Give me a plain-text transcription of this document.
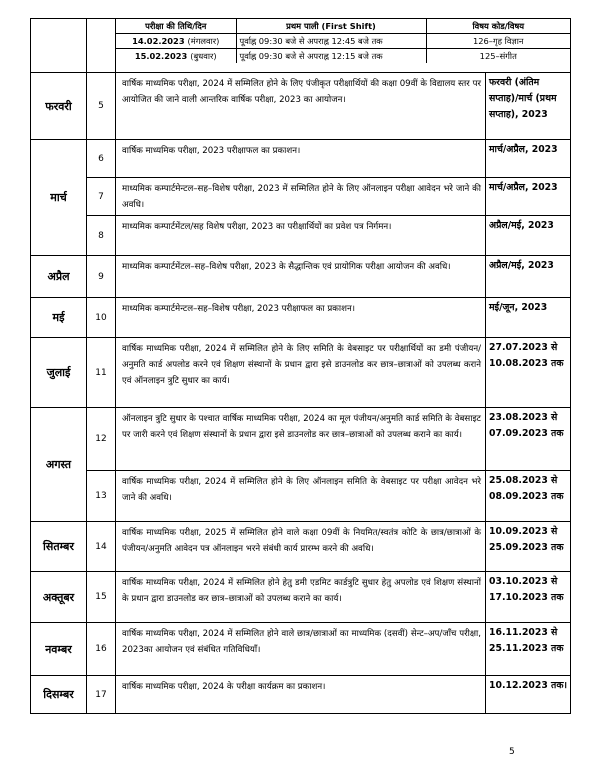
परीक्षा की तिथि/दिन	प्रथम पाली (First Shift)	विषय कोड/विषय
14.02.2023 (मंगलवार)	पूर्वाह्न 09:30 बजे से अपराह्न 12:45 बजे तक	126–गृह विज्ञान
15.02.2023 (बुधवार)	पूर्वाह्न 09:30 बजे से अपराह्न 12:15 बजे तक	125–संगीत

फरवरी	5	वार्षिक माध्यमिक परीक्षा, 2024 में सम्मिलित होने के लिए पंजीकृत परीक्षार्थियों की कक्षा 09वीं के विद्यालय स्तर पर आयोजित की जाने वाली आन्तरिक वार्षिक परीक्षा, 2023 का आयोजन।	फरवरी (अंतिम सप्ताह)/मार्च (प्रथम सप्ताह), 2023
मार्च	6	वार्षिक माध्यमिक परीक्षा, 2023 परीक्षाफल का प्रकाशन।	मार्च/अप्रैल, 2023
7	माध्यमिक कम्पार्टमेन्टल–सह–विशेष परीक्षा, 2023 में सम्मिलित होने के लिए ऑनलाइन परीक्षा आवेदन भरे जाने की अवधि।	मार्च/अप्रैल, 2023
8	माध्यमिक कम्पार्टमेंटल/सह विशेष परीक्षा, 2023 का परीक्षार्थियों का प्रवेश पत्र निर्गमन।	अप्रैल/मई, 2023
अप्रैल	9	माध्यमिक कम्पार्टमेंटल–सह–विशेष परीक्षा, 2023 के सैद्धान्तिक एवं प्रायोगिक परीक्षा आयोजन की अवधि।	अप्रैल/मई, 2023
मई	10	माध्यमिक कम्पार्टमेन्टल–सह–विशेष परीक्षा, 2023 परीक्षाफल का प्रकाशन।	मई/जून, 2023
जुलाई	11	वार्षिक माध्यमिक परीक्षा, 2024 में सम्मिलित होने के लिए समिति के वेबसाइट पर परीक्षार्थियों का डमी पंजीयन/अनुमति कार्ड अपलोड करने एवं शिक्षण संस्थानों के प्रधान द्वारा इसे डाउनलोड कर छात्र–छात्राओं को उपलब्ध कराने एवं ऑनलाइन त्रुटि सुधार का कार्य।	27.07.2023 से 10.08.2023 तक
अगस्त	12	ऑनलाइन त्रुटि सुधार के पश्चात वार्षिक माध्यमिक परीक्षा, 2024 का मूल पंजीयन/अनुमति कार्ड समिति के वेबसाइट पर जारी करने एवं शिक्षण संस्थानों के प्रधान द्वारा इसे डाउनलोड कर छात्र–छात्राओं को उपलब्ध कराने का कार्य।	23.08.2023 से 07.09.2023 तक
13	वार्षिक माध्यमिक परीक्षा, 2024 में सम्मिलित होने के लिए ऑनलाइन समिति के वेबसाइट पर परीक्षा आवेदन भरे जाने की अवधि।	25.08.2023 से 08.09.2023 तक
सितम्बर	14	वार्षिक माध्यमिक परीक्षा, 2025 में सम्मिलित होने वाले कक्षा 09वीं के नियमित/स्वतंत्र कोटि के छात्र/छात्राओं के पंजीयन/अनुमति आवेदन पत्र ऑनलाइन भरने संबंधी कार्य प्रारम्भ करने की अवधि।	10.09.2023 से 25.09.2023 तक
अक्तूबर	15	वार्षिक माध्यमिक परीक्षा, 2024 में सम्मिलित होने हेतु डमी एडमिट कार्डत्रुटि सुधार हेतु अपलोड एवं शिक्षण संस्थानों के प्रधान द्वारा डाउनलोड कर छात्र–छात्राओं को उपलब्ध कराने का कार्य।	03.10.2023 से 17.10.2023 तक
नवम्बर	16	वार्षिक माध्यमिक परीक्षा, 2024 में सम्मिलित होने वाले छात्र/छात्राओं का माध्यमिक (दसवीं) सेन्ट–अप/जाँच परीक्षा, 2023का आयोजन एवं संबंधित गतिविधियाँ।	16.11.2023 से 25.11.2023 तक
दिसम्बर	17	वार्षिक माध्यमिक परीक्षा, 2024 के परीक्षा कार्यक्रम का प्रकाशन।	10.12.2023 तक।
5
